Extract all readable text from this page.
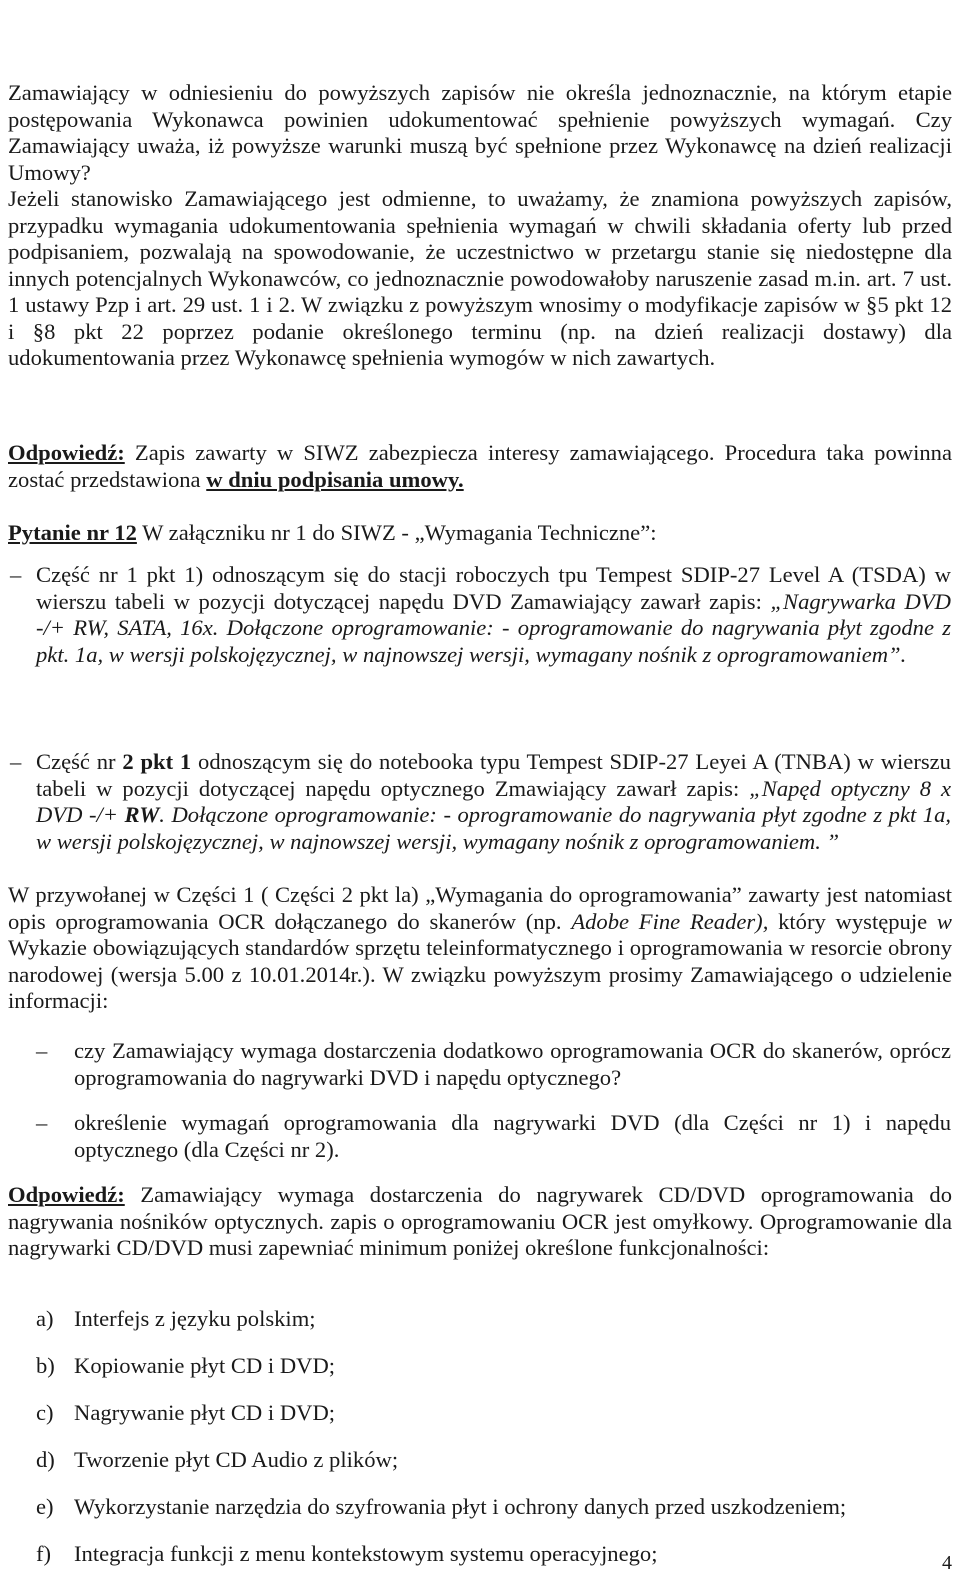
Zamawiający w odniesieniu do powyższych zapisów nie określa jednoznacznie, na którym etapie postępowania Wykonawca powinien udokumentować spełnienie powyższych wymagań. Czy Zamawiający uważa, iż powyższe warunki muszą być spełnione przez Wykonawcę na dzień realizacji Umowy?

Jeżeli stanowisko Zamawiającego jest odmienne, to uważamy, że znamiona powyższych zapisów, przypadku wymagania udokumentowania spełnienia wymagań w chwili składania oferty lub przed podpisaniem, pozwalają na spowodowanie, że uczestnictwo w przetargu stanie się niedostępne dla innych potencjalnych Wykonawców, co jednoznacznie powodowałoby naruszenie zasad m.in. art. 7 ust. 1 ustawy Pzp i art. 29 ust. 1 i 2. W związku z powyższym wnosimy o modyfikacje zapisów w §5 pkt 12 i §8 pkt 22 poprzez podanie określonego terminu (np. na dzień realizacji dostawy) dla udokumentowania przez Wykonawcę spełnienia wymogów w nich zawartych.

Odpowiedź: Zapis zawarty w SIWZ zabezpiecza interesy zamawiającego. Procedura taka powinna zostać przedstawiona w dniu podpisania umowy.

Pytanie nr 12 W załączniku nr 1 do SIWZ - „Wymagania Techniczne”:

– Część nr 1 pkt 1) odnoszącym się do stacji roboczych tpu Tempest SDIP-27 Level A (TSDA) w wierszu tabeli w pozycji dotyczącej napędu DVD Zamawiający zawarł zapis: „Nagrywarka DVD -/+ RW, SATA, 16x. Dołączone oprogramowanie: - oprogramowanie do nagrywania płyt zgodne z pkt. 1a, w wersji polskojęzycznej, w najnowszej wersji, wymagany nośnik z oprogramowaniem”.

– Część nr 2 pkt 1 odnoszącym się do notebooka typu Tempest SDIP-27 Leyei A (TNBA) w wierszu tabeli w pozycji dotyczącej napędu optycznego Zmawiający zawarł zapis: „Napęd optyczny 8 x DVD -/+ RW. Dołączone oprogramowanie: - oprogramowanie do nagrywania płyt zgodne z pkt 1a, w wersji polskojęzycznej, w najnowszej wersji, wymagany nośnik z oprogramowaniem. ”

W przywołanej w Części 1 ( Części 2 pkt la) „Wymagania do oprogramowania” zawarty jest natomiast opis oprogramowania OCR dołączanego do skanerów (np. Adobe Fine Reader), który występuje w Wykazie obowiązujących standardów sprzętu teleinformatycznego i oprogramowania w resorcie obrony narodowej (wersja 5.00 z 10.01.2014r.). W związku powyższym prosimy Zamawiającego o udzielenie informacji:

– czy Zamawiający wymaga dostarczenia dodatkowo oprogramowania OCR do skanerów, oprócz oprogramowania do nagrywarki DVD i napędu optycznego?

– określenie wymagań oprogramowania dla nagrywarki DVD (dla Części nr 1) i napędu optycznego (dla Części nr 2).

Odpowiedź: Zamawiający wymaga dostarczenia do nagrywarek CD/DVD oprogramowania do nagrywania nośników optycznych. zapis o oprogramowaniu OCR jest omyłkowy. Oprogramowanie dla nagrywarki CD/DVD musi zapewniać minimum poniżej określone funkcjonalności:

a) Interfejs z języku polskim;
b) Kopiowanie płyt CD i DVD;
c) Nagrywanie płyt CD i DVD;
d) Tworzenie płyt CD Audio z plików;
e) Wykorzystanie narzędzia do szyfrowania płyt i ochrony danych przed uszkodzeniem;
f) Integracja funkcji z menu kontekstowym systemu operacyjnego;	4
